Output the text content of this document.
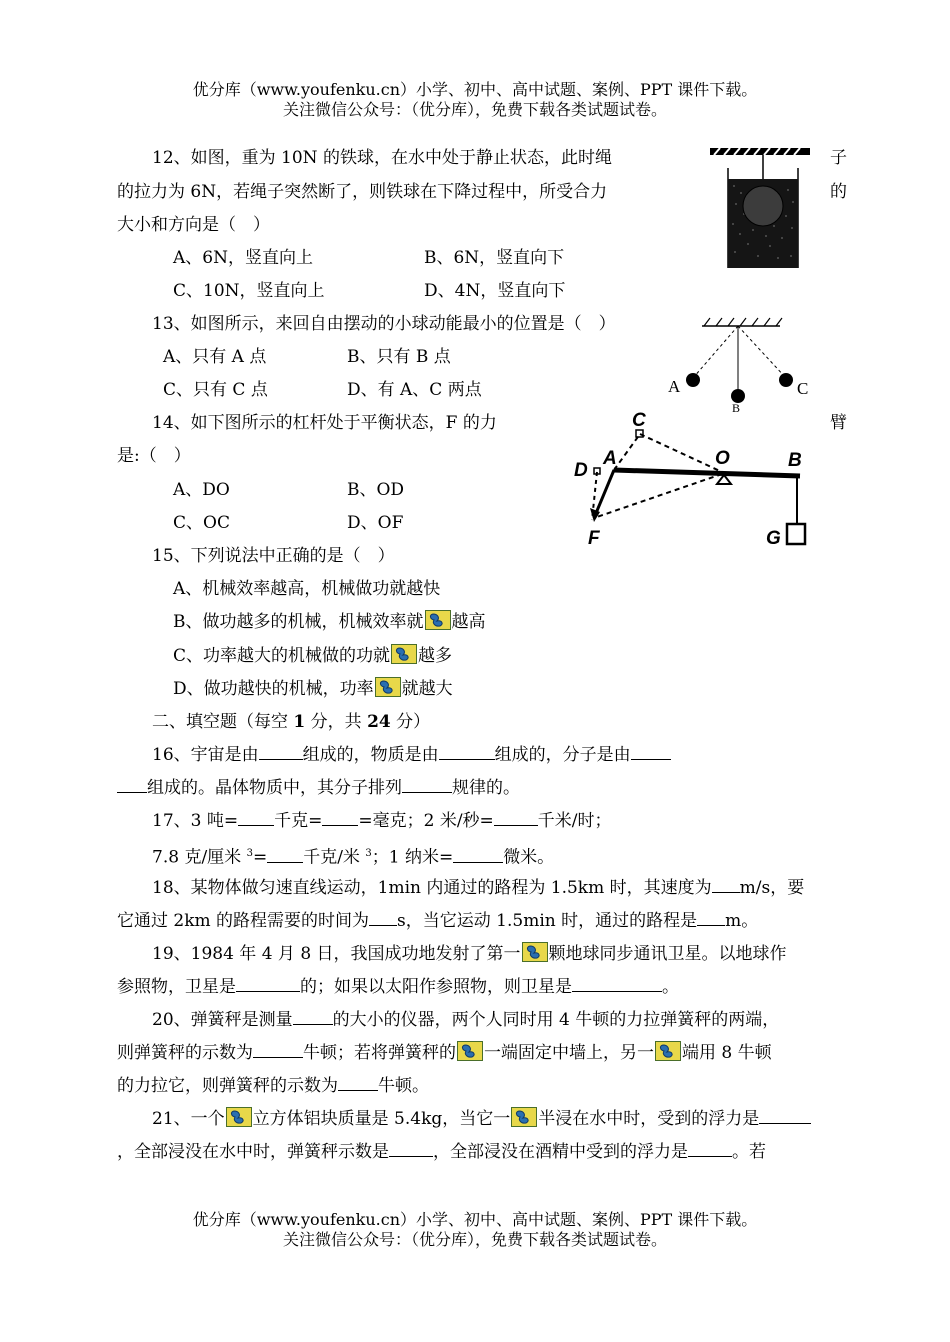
优分库（www.youfenku.cn）小学、初中、高中试题、案例、PPT 课件下载。
关注微信公众号：（优分库），免费下载各类试题试卷。
12、如图，重为 10N 的铁球，在水中处于静止状态，此时绳	子
的拉力为 6N，若绳子突然断了，则铁球在下降过程中，所受合力	的
大小和方向是（　）
A、6N，竖直向上	B、6N，竖直向下
C、10N，竖直向上	D、4N，竖直向下
13、如图所示，来回自由摆动的小球动能最小的位置是（　）
A、只有 A 点	B、只有 B 点
C、只有 C 点	D、有 A、C 两点	A
B
C
14、如下图所示的杠杆处于平衡状态，F 的力	臂
是:（　）
A、DO	B、OD
C、OC	D、OF
C
D
A	O	B
F	G
15、下列说法中正确的是（　）
A、机械效率越高，机械做功就越快
B、做功越多的机械，机械效率就 越高
C、功率越大的机械做的功就 越多
D、做功越快的机械，功率 就越大
二、填空题（每空 1 分，共 24 分）
16、宇宙是由	组成的，物质是由	组成的，分子是由
组成的。晶体物质中，其分子排列	规律的。
17、3 吨= 千克= =毫克；2 米/秒=	千米/时；
7.8 克/厘米 $^3$= 千克/米 $^3$；1 纳米=	微米。
18、某物体做匀速直线运动，1min 内通过的路程为 1.5km 时，其速度为 m/s，要
它通过 2km 的路程需要的时间为 s，当它运动 1.5min 时，通过的路程是 m。
19、1984 年 4 月 8 日，我国成功地发射了第一 颗地球同步通讯卫星。以地球作
参照物，卫星是	的；如果以太阳作参照物，则卫星是	。
20、弹簧秤是测量 的大小的仪器，两个人同时用 4 牛顿的力拉弹簧秤的两端，
则弹簧秤的示数为	牛顿；若将弹簧秤的 一端固定中墙上，另一 端用 8 牛顿
的力拉它，则弹簧秤的示数为 牛顿。
21、一个 立方体铝块质量是 5.4kg，当它一 半浸在水中时，受到的浮力是
，全部浸没在水中时，弹簧秤示数是	，全部浸没在酒精中受到的浮力是	。若
优分库（www.youfenku.cn）小学、初中、高中试题、案例、PPT 课件下载。
关注微信公众号：（优分库），免费下载各类试题试卷。
